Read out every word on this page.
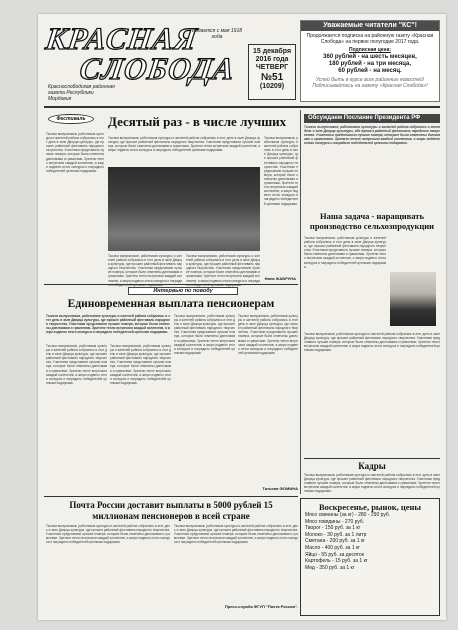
КРАСНАЯ
СЛОБОДА
Издается с мая 1918 года
Краснослободская районная газета Республики Мордовия
15 декабря 2016 года
ЧЕТВЕРГ
№51
(10209)
Уважаемые читатели "КС"!
Продолжается подписка на районную газету «Красная Слобода» на первое полугодие 2017 года.
Подписная цена:
360 рублей - на шесть месяцев,
180 рублей - на три месяца,
60 рублей - на месяц.
Успей быть в курсе всех районных новостей! Подписывайтесь на газету «Красная Слобода»!
Фестиваль	Десятый раз - в числе лучших
Тысячи выпускников, работников культуры и жителей района собрались в этот день в зале Дворца культуры, где прошел районный фестиваль народного творчества. Участники представили лучшие номера, которые были отмечены дипломами и грамотами. Зрители тепло встречали каждый коллектив, а жюри подвело итоги конкурса и наградило победителей ценными подарками.
Тысячи выпускников, работников культуры и жителей района собрались в этот день в зале Дворца культуры, где прошел районный фестиваль народного творчества. Участники представили лучшие номера, которые были отмечены дипломами и грамотами. Зрители тепло встречали каждый коллектив, а жюри подвело итоги конкурса и наградило победителей ценными подарками.
Тысячи выпускников, работников культуры и жителей района собрались в этот день в зале Дворца культуры, где прошел районный фестиваль народного творчества. Участники представили лучшие номера, которые были отмечены дипломами и грамотами. Зрители тепло встречали каждый коллектив, а жюри подвело итоги конкурса и награди
Тысячи выпускников, работников культуры и жителей района собрались в этот день в зале Дворца культуры, где прошел районный фестиваль народного творчества. Участники представили лучшие номера, которые были отмечены дипломами и грамотами. Зрители тепло встречали каждый коллектив, а жюри подвело итоги конкурса и награди
Тысячи выпускников, работников культуры и жителей района собрались в этот день в зале Дворца культуры, где прошел районный фестиваль народного творчества. Участники представили лучшие номера, которые были отмечены дипломами и грамотами. Зрители тепло встречали каждый коллектив, а жюри подвело итоги конкурса и наградило победителей ценными подарками.
Нина ЖАБРУНА
Обсуждаем Послание Президента РФ
Тысячи выпускников, работников культуры и жителей района собрались в этот день в зале Дворца культуры, где прошел районный фестиваль народного творчества. Участники представили лучшие номера, которые были отмечены дипломами и грамотами. Зрители тепло встречали каждый коллектив, а жюри подвело итоги конкурса и наградило победителей ценными подарками.
Наша задача - наращивать производство сельхозпродукции
Тысячи выпускников, работников культуры и жителей района собрались в этот день в зале Дворца культуры, где прошел районный фестиваль народного творчества. Участники представили лучшие номера, которые были отмечены дипломами и грамотами. Зрители тепло встречали каждый коллектив, а жюри подвело итоги конкурса и наградило победителей ценными подарками.
Тысячи выпускников, работников культуры и жителей района собрались в этот день в зале Дворца культуры, где прошел районный фестиваль народного творчества. Участники представили лучшие номера, которые были отмечены дипломами и грамотами. Зрители тепло встречали каждый коллектив, а жюри подвело итоги конкурса и наградило победителей ценными подарками.
Кадры
Тысячи выпускников, работников культуры и жителей района собрались в этот день в зале Дворца культуры, где прошел районный фестиваль народного творчества. Участники представили лучшие номера, которые были отмечены дипломами и грамотами. Зрители тепло встречали каждый коллектив, а жюри подвело итоги конкурса и наградило победителей ценными подарками.
Интервью по поводу
Единовременная выплата пенсионерам
Тысячи выпускников, работников культуры и жителей района собрались в этот день в зале Дворца культуры, где прошел районный фестиваль народного творчества. Участники представили лучшие номера, которые были отмечены дипломами и грамотами. Зрители тепло встречали каждый коллектив, а жюри подвело итоги конкурса и наградило победителей ценными подарками.
Тысячи выпускников, работников культуры и жителей района собрались в этот день в зале Дворца культуры, где прошел районный фестиваль народного творчества. Участники представили лучшие номера, которые были отмечены дипломами и грамотами. Зрители тепло встречали каждый коллектив, а жюри подвело итоги конкурса и наградило победителей ценными подарками.
Тысячи выпускников, работников культуры и жителей района собрались в этот день в зале Дворца культуры, где прошел районный фестиваль народного творчества. Участники представили лучшие номера, которые были отмечены дипломами и грамотами. Зрители тепло встречали каждый коллектив, а жюри подвело итоги конкурса и наградило победителей ценными подарками.
Тысячи выпускников, работников культуры и жителей района собрались в этот день в зале Дворца культуры, где прошел районный фестиваль народного творчества. Участники представили лучшие номера, которые были отмечены дипломами и грамотами. Зрители тепло встречали каждый коллектив, а жюри подвело итоги конкурса и наградило победителей ценными подарками.
Тысячи выпускников, работников культуры и жителей района собрались в этот день в зале Дворца культуры, где прошел районный фестиваль народного творчества. Участники представили лучшие номера, которые были отмечены дипломами и грамотами. Зрители тепло встречали каждый коллектив, а жюри подвело итоги конкурса и наградило победителей ценными подарками.
Татьяна ФОМИНА
Почта России доставит выплаты в 5000 рублей 15 миллионам пенсионеров в всей стране
Тысячи выпускников, работников культуры и жителей района собрались в этот день в зале Дворца культуры, где прошел районный фестиваль народного творчества. Участники представили лучшие номера, которые были отмечены дипломами и грамотами. Зрители тепло встречали каждый коллектив, а жюри подвело итоги конкурса и наградило победителей ценными подарками.
Тысячи выпускников, работников культуры и жителей района собрались в этот день в зале Дворца культуры, где прошел районный фестиваль народного творчества. Участники представили лучшие номера, которые были отмечены дипломами и грамотами. Зрители тепло встречали каждый коллектив, а жюри подвело итоги конкурса и наградило победителей ценными подарками.
Пресс-служба ФГУП "Почта России".
Воскресенье, рынок, цены
Мясо свинины (за кг) - 280 - 290 руб.
Мясо говядины - 270 руб.
Творог - 150 руб. за 1 кг
Молоко - 30 руб. за 1 литр
Сметана - 200 руб. за 1 кг
Масло - 400 руб. за 1 кг
Яйцо - 55 руб. за десяток
Картофель - 15 руб. за 1 кг
Мед - 350 руб. за 1 кг
